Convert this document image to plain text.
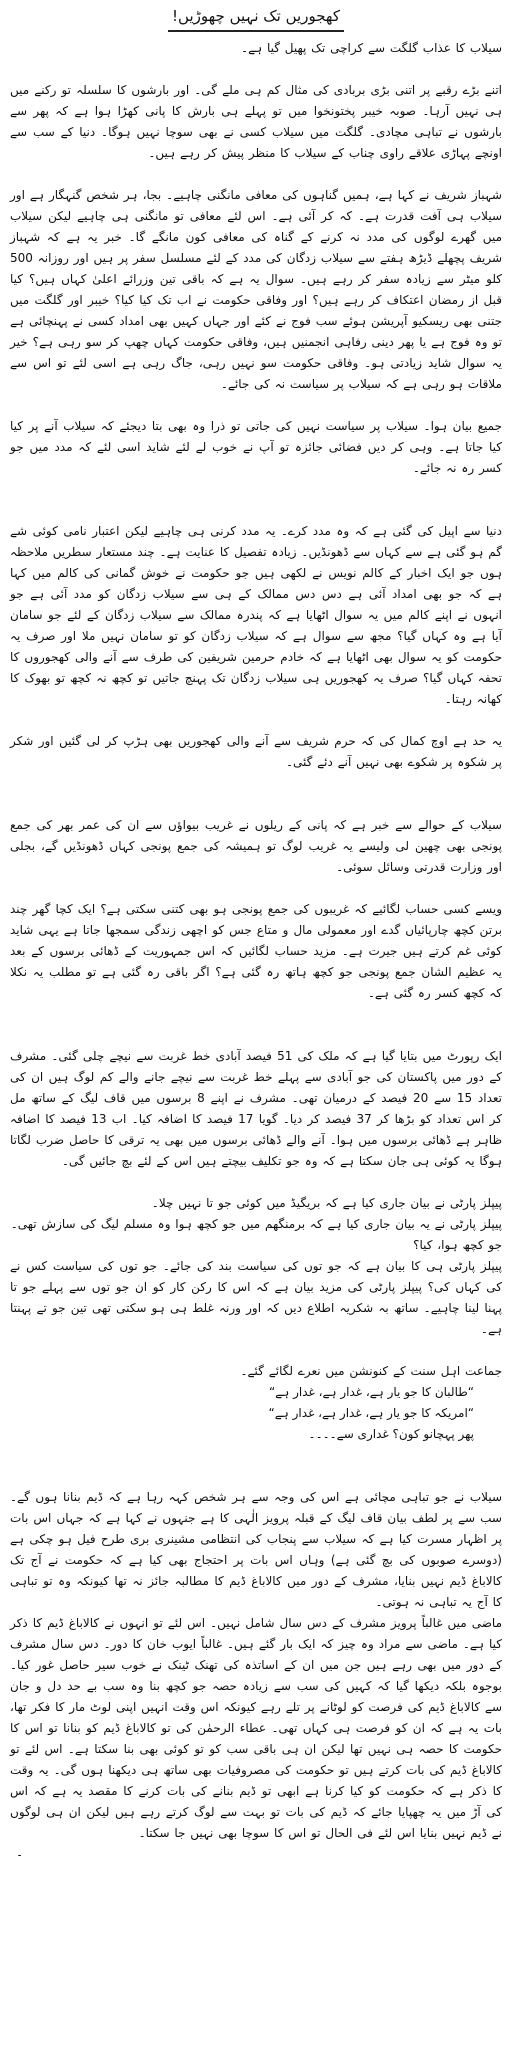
کھجوریں تک نہیں چھوڑیں!

سیلاب کا عذاب گلگت سے کراچی تک پھیل گیا ہے۔

اتنے بڑے رقبے پر اتنی بڑی بربادی کی مثال کم ہی ملے گی۔ اور بارشوں کا سلسلہ تو رکنے میں ہی نہیں آرہا۔ صوبہ خیبر پختونخوا میں تو پہلے ہی بارش کا پانی کھڑا ہوا ہے کہ پھر سے بارشوں نے تباہی مچادی۔ گلگت میں سیلاب کسی نے بھی سوچا نہیں ہوگا۔ دنیا کے سب سے اونچے پہاڑی علاقے راوی چناب کے سیلاب کا منظر پیش کر رہے ہیں۔

شہباز شریف نے کہا ہے، ہمیں گناہوں کی معافی مانگنی چاہیے۔ بجا، ہر شخص گنہگار ہے اور سیلاب ہی آفت قدرت ہے۔ کہ کر آئی ہے۔ اس لئے معافی تو مانگنی ہی چاہیے لیکن سیلاب میں گھرے لوگوں کی مدد نہ کرنے کے گناہ کی معافی کون مانگے گا۔ خبر یہ ہے کہ شہباز شریف پچھلے ڈیڑھ ہفتے سے سیلاب زدگان کی مدد کے لئے مسلسل سفر پر ہیں اور روزانہ 500 کلو میٹر سے زیادہ سفر کر رہے ہیں۔ سوال یہ ہے کہ باقی تین وزرائے اعلیٰ کہاں ہیں؟ کیا قبل از رمضان اعتکاف کر رہے ہیں؟ اور وفاقی حکومت نے اب تک کیا کیا؟ خیبر اور گلگت میں جتنی بھی ریسکیو آپریشن ہوئے سب فوج نے کئے اور جہاں کہیں بھی امداد کسی نے پہنچائی ہے تو وہ فوج ہے یا پھر دینی رفاہی انجمنیں ہیں، وفاقی حکومت کہاں چھپ کر سو رہی ہے؟ خیر یہ سوال شاید زیادتی ہو۔ وفاقی حکومت سو نہیں رہی، جاگ رہی ہے اسی لئے تو اس سے ملاقات ہو رہی ہے کہ سیلاب پر سیاست نہ کی جائے۔

جمیع بیان ہوا۔ سیلاب پر سیاست نہیں کی جاتی تو ذرا وہ بھی بتا دیجئے کہ سیلاب آنے پر کیا کیا جاتا ہے۔ وہی کر دیں فضائی جائزہ تو آپ نے خوب لے لئے شاید اسی لئے کہ مدد میں جو کسر رہ نہ جائے۔

دنیا سے اپیل کی گئی ہے کہ وہ مدد کرے۔ یہ مدد کرنی ہی چاہیے لیکن اعتبار نامی کوئی شے گم ہو گئی ہے سے کہاں سے ڈھونڈیں۔ زیادہ تفصیل کا عنایت ہے۔ چند مستعار سطریں ملاحظہ ہوں جو ایک اخبار کے کالم نویس نے لکھی ہیں جو حکومت نے خوش گمانی کی کالم میں کہا ہے کہ جو بھی امداد آئی ہے دس دس ممالک کے ہی سے سیلاب زدگان کو مدد آئی ہے جو انہوں نے اپنے کالم میں یہ سوال اٹھایا ہے کہ پندرہ ممالک سے سیلاب زدگان کے لئے جو سامان آیا ہے وہ کہاں گیا؟ مجھ سے سوال ہے کہ سیلاب زدگان کو تو سامان نہیں ملا اور صرف یہ حکومت کو یہ سوال بھی اٹھایا ہے کہ خادم حرمین شریفین کی طرف سے آنے والی کھجوروں کا تحفہ کہاں گیا؟ صرف یہ کھجوریں ہی سیلاب زدگان تک پہنچ جاتیں تو کچھ نہ کچھ تو بھوک کا کھانہ رہتا۔

یہ حد ہے اوچ کمال کی کہ حرم شریف سے آنے والی کھجوریں بھی ہڑپ کر لی گئیں اور شکر پر شکوہ پر شکوے بھی نہیں آنے دئے گئی۔

سیلاب کے حوالے سے خبر ہے کہ پانی کے ریلوں نے غریب بیواؤں سے ان کی عمر بھر کی جمع پونجی بھی چھین لی ولیسے یہ غریب لوگ تو ہمیشہ کی جمع پونجی کہاں ڈھونڈیں گے، بجلی اور وزارت قدرتی وسائل سوئی۔

ویسے کسی حساب لگائیے کہ غریبوں کی جمع پونجی ہو بھی کتنی سکتی ہے؟ ایک کچا گھر چند برتن کچھ چارپائیاں گدے اور معمولی مال و متاع جس کو اچھی زندگی سمجھا جاتا ہے یہی شاید کوئی غم کرتے ہیں جیرت ہے۔ مزید حساب لگائیں کہ اس جمہوریت کے ڈھائی برسوں کے بعد یہ عظیم الشان جمع پونجی جو کچھ ہاتھ رہ گئی ہے؟ اگر باقی رہ گئی ہے تو مطلب یہ نکلا کہ کچھ کسر رہ گئی ہے۔

ایک رپورٹ میں بتایا گیا ہے کہ ملک کی 51 فیصد آبادی خط غربت سے نیچے چلی گئی۔ مشرف کے دور میں پاکستان کی جو آبادی سے پہلے خط غربت سے نیچے جانے والے کم لوگ ہیں ان کی تعداد 15 سے 20 فیصد کے درمیان تھی۔ مشرف نے اپنے 8 برسوں میں قاف لیگ کے ساتھ مل کر اس تعداد کو بڑھا کر 37 فیصد کر دیا۔ گویا 17 فیصد کا اضافہ کیا۔ اب 13 فیصد کا اضافہ ظاہر ہے ڈھائی برسوں میں ہوا۔ آنے والے ڈھائی برسوں میں بھی یہ ترقی کا حاصل ضرب لگاتا ہوگا یہ کوئی ہی جان سکتا ہے کہ وہ جو تکلیف بیچتے ہیں اس کے لئے بچ جائیں گی۔

پیپلز پارٹی نے بیان جاری کیا ہے کہ بریگیڈ میں کوئی جو تا نہیں چلا۔

پیپلز پارٹی نے یہ بیان جاری کیا ہے کہ برمنگھم میں جو کچھ ہوا وہ مسلم لیگ کی سازش تھی۔

جو کچھ ہوا، کیا؟

پیپلز پارٹی ہی کا بیان ہے کہ جو توں کی سیاست بند کی جائے۔ جو توں کی سیاست کس نے کی کہاں کی؟ پیپلز پارٹی کی مزید بیان ہے کہ اس کا رکن کار کو ان جو توں سے پہلے جو تا پہنا لینا چاہیے۔ ساتھ بہ شکریہ اطلاع دیں کہ اور ورنہ غلط ہی ہو سکتی تھی تین جو تے پہنتا ہے۔

جماعت اہل سنت کے کنونشن میں نعرے لگائے گئے۔

“طالبان کا جو یار ہے، غدار ہے، غدار ہے“
“امریکہ کا جو یار ہے، غدار ہے، غدار ہے“
پھر پہچانو کون؟ غداری سے۔۔۔۔

سیلاب نے جو تباہی مچائی ہے اس کی وجہ سے ہر شخص کہہ رہا ہے کہ ڈیم بنانا ہوں گے۔ سب سے پر لطف بیان قاف لیگ کے قبلہ پرویز الٰہی کا ہے جنہوں نے کہا ہے کہ جہاں اس بات پر اظہار مسرت کیا ہے کہ سیلاب سے پنجاب کی انتظامی مشینری بری طرح فیل ہو چکی ہے (دوسرے صوبوں کی بچ گئی ہے) وہاں اس بات پر احتجاج بھی کیا ہے کہ حکومت نے آج تک کالاباغ ڈیم نہیں بنایا، مشرف کے دور میں کالاباغ ڈیم کا مطالبہ جائز نہ تھا کیونکہ وہ تو تباہی کا آج یہ تباہی نہ ہوتی۔

ماضی میں غالباً پرویز مشرف کے دس سال شامل نہیں۔ اس لئے تو انہوں نے کالاباغ ڈیم کا ذکر کیا ہے۔ ماضی سے مراد وہ چیز کہ ایک بار گئے ہیں۔ غالباً ایوب خان کا دور۔ دس سال مشرف کے دور میں بھی رہے ہیں جن میں ان کے اساتذہ کی تھنک ٹینک نے خوب سیر حاصل غور کیا۔ بوجوہ بلکہ دیکھا گیا کہ کہیں کی سب سے زیادہ حصہ جو کچھ بنا وہ سب بے حد دل و جان سے کالاباغ ڈیم کی فرصت کو لوٹانے پر تلے رہے کیونکہ اس وقت انہیں اپنی لوٹ مار کا فکر تھا، بات یہ ہے کہ ان کو فرصت ہی کہاں تھی۔ عطاء الرحمٰن کی تو کالاباغ ڈیم کو بنانا تو اس کا حکومت کا حصہ ہی نہیں تھا لیکن ان ہی باقی سب کو تو کوئی بھی بنا سکتا ہے۔ اس لئے تو کالاباغ ڈیم کی بات کرتے ہیں تو حکومت کی مصروفیات بھی ساتھ ہی دیکھنا ہوں گی۔ یہ وقت کا ذکر ہے کہ حکومت کو کیا کرنا ہے ابھی تو ڈیم بنانے کی بات کرنے کا مقصد یہ ہے کہ اس کی آڑ میں یہ چھپایا جائے کہ ڈیم کی بات تو بہت سے لوگ کرتے رہے ہیں لیکن ان ہی لوگوں نے ڈیم نہیں بنایا اس لئے فی الحال تو اس کا سوچا بھی نہیں جا سکتا۔

۔
